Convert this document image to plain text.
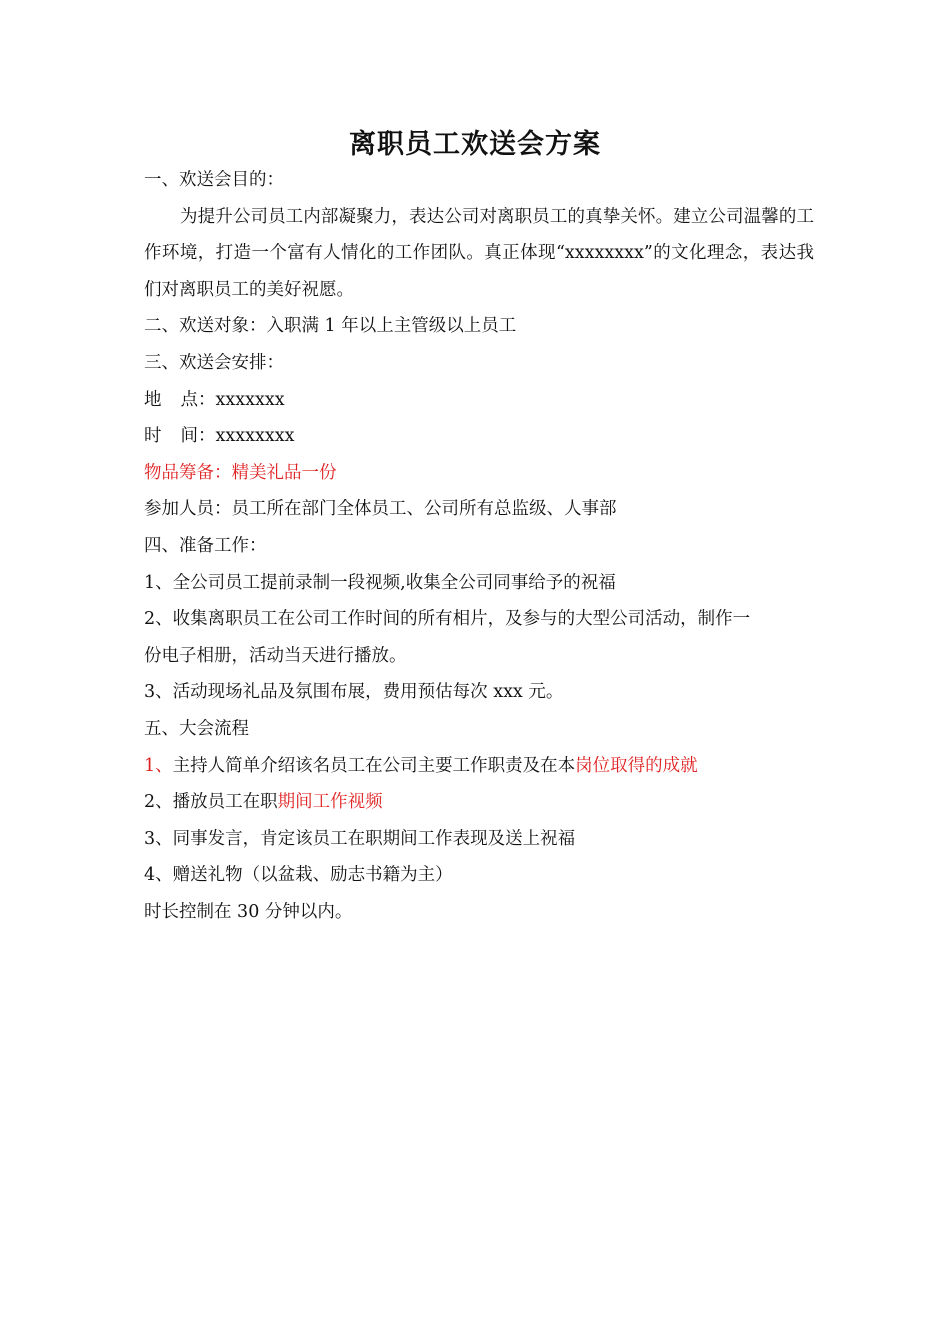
离职员工欢送会方案
一、欢送会目的：
为提升公司员工内部凝聚力，表达公司对离职员工的真挚关怀。建立公司温馨的工作环境，打造一个富有人情化的工作团队。真正体现“xxxxxxxx”的文化理念，表达我们对离职员工的美好祝愿。
二、欢送对象：入职满 1 年以上主管级以上员工
三、欢送会安排：
地 点：xxxxxxx
时 间：xxxxxxxx
物品筹备：精美礼品一份
参加人员：员工所在部门全体员工、公司所有总监级、人事部
四、准备工作：
1、全公司员工提前录制一段视频,收集全公司同事给予的祝福
2、收集离职员工在公司工作时间的所有相片，及参与的大型公司活动，制作一
份电子相册，活动当天进行播放。
3、活动现场礼品及氛围布展，费用预估每次 xxx 元。
五、大会流程
1、主持人简单介绍该名员工在公司主要工作职责及在本岗位取得的成就
2、播放员工在职期间工作视频
3、同事发言，肯定该员工在职期间工作表现及送上祝福
4、赠送礼物（以盆栽、励志书籍为主）
时长控制在 30 分钟以内。
